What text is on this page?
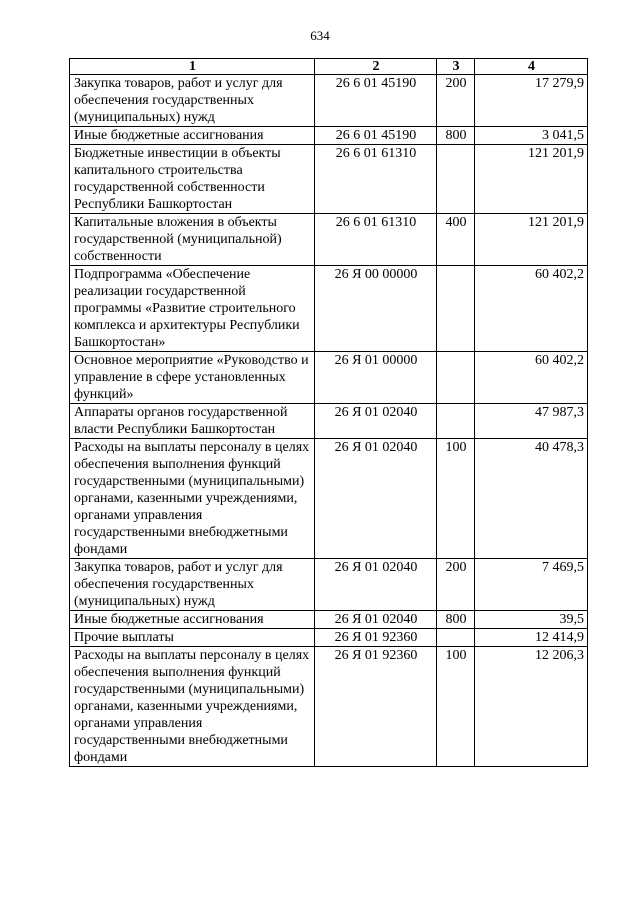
634
1	2	3	4
Закупка товаров, работ и услуг для обеспечения государственных (муниципальных) нужд	26 6 01 45190	200	17 279,9
Иные бюджетные ассигнования	26 6 01 45190	800	3 041,5
Бюджетные инвестиции в объекты капитального строительства государственной собственности Республики Башкортостан	26 6 01 61310		121 201,9
Капитальные вложения в объекты государственной (муниципальной) собственности	26 6 01 61310	400	121 201,9
Подпрограмма «Обеспечение реализации государственной программы «Развитие строительного комплекса и архитектуры Республики Башкортостан»	26 Я 00 00000		60 402,2
Основное мероприятие «Руководство и управление в сфере установленных функций»	26 Я 01 00000		60 402,2
Аппараты органов государственной власти Республики Башкортостан	26 Я 01 02040		47 987,3
Расходы на выплаты персоналу в целях обеспечения выполнения функций государственными (муниципальными) органами, казенными учреждениями, органами управления государственными внебюджетными фондами	26 Я 01 02040	100	40 478,3
Закупка товаров, работ и услуг для обеспечения государственных (муниципальных) нужд	26 Я 01 02040	200	7 469,5
Иные бюджетные ассигнования	26 Я 01 02040	800	39,5
Прочие выплаты	26 Я 01 92360		12 414,9
Расходы на выплаты персоналу в целях обеспечения выполнения функций государственными (муниципальными) органами, казенными учреждениями, органами управления государственными внебюджетными фондами	26 Я 01 92360	100	12 206,3
